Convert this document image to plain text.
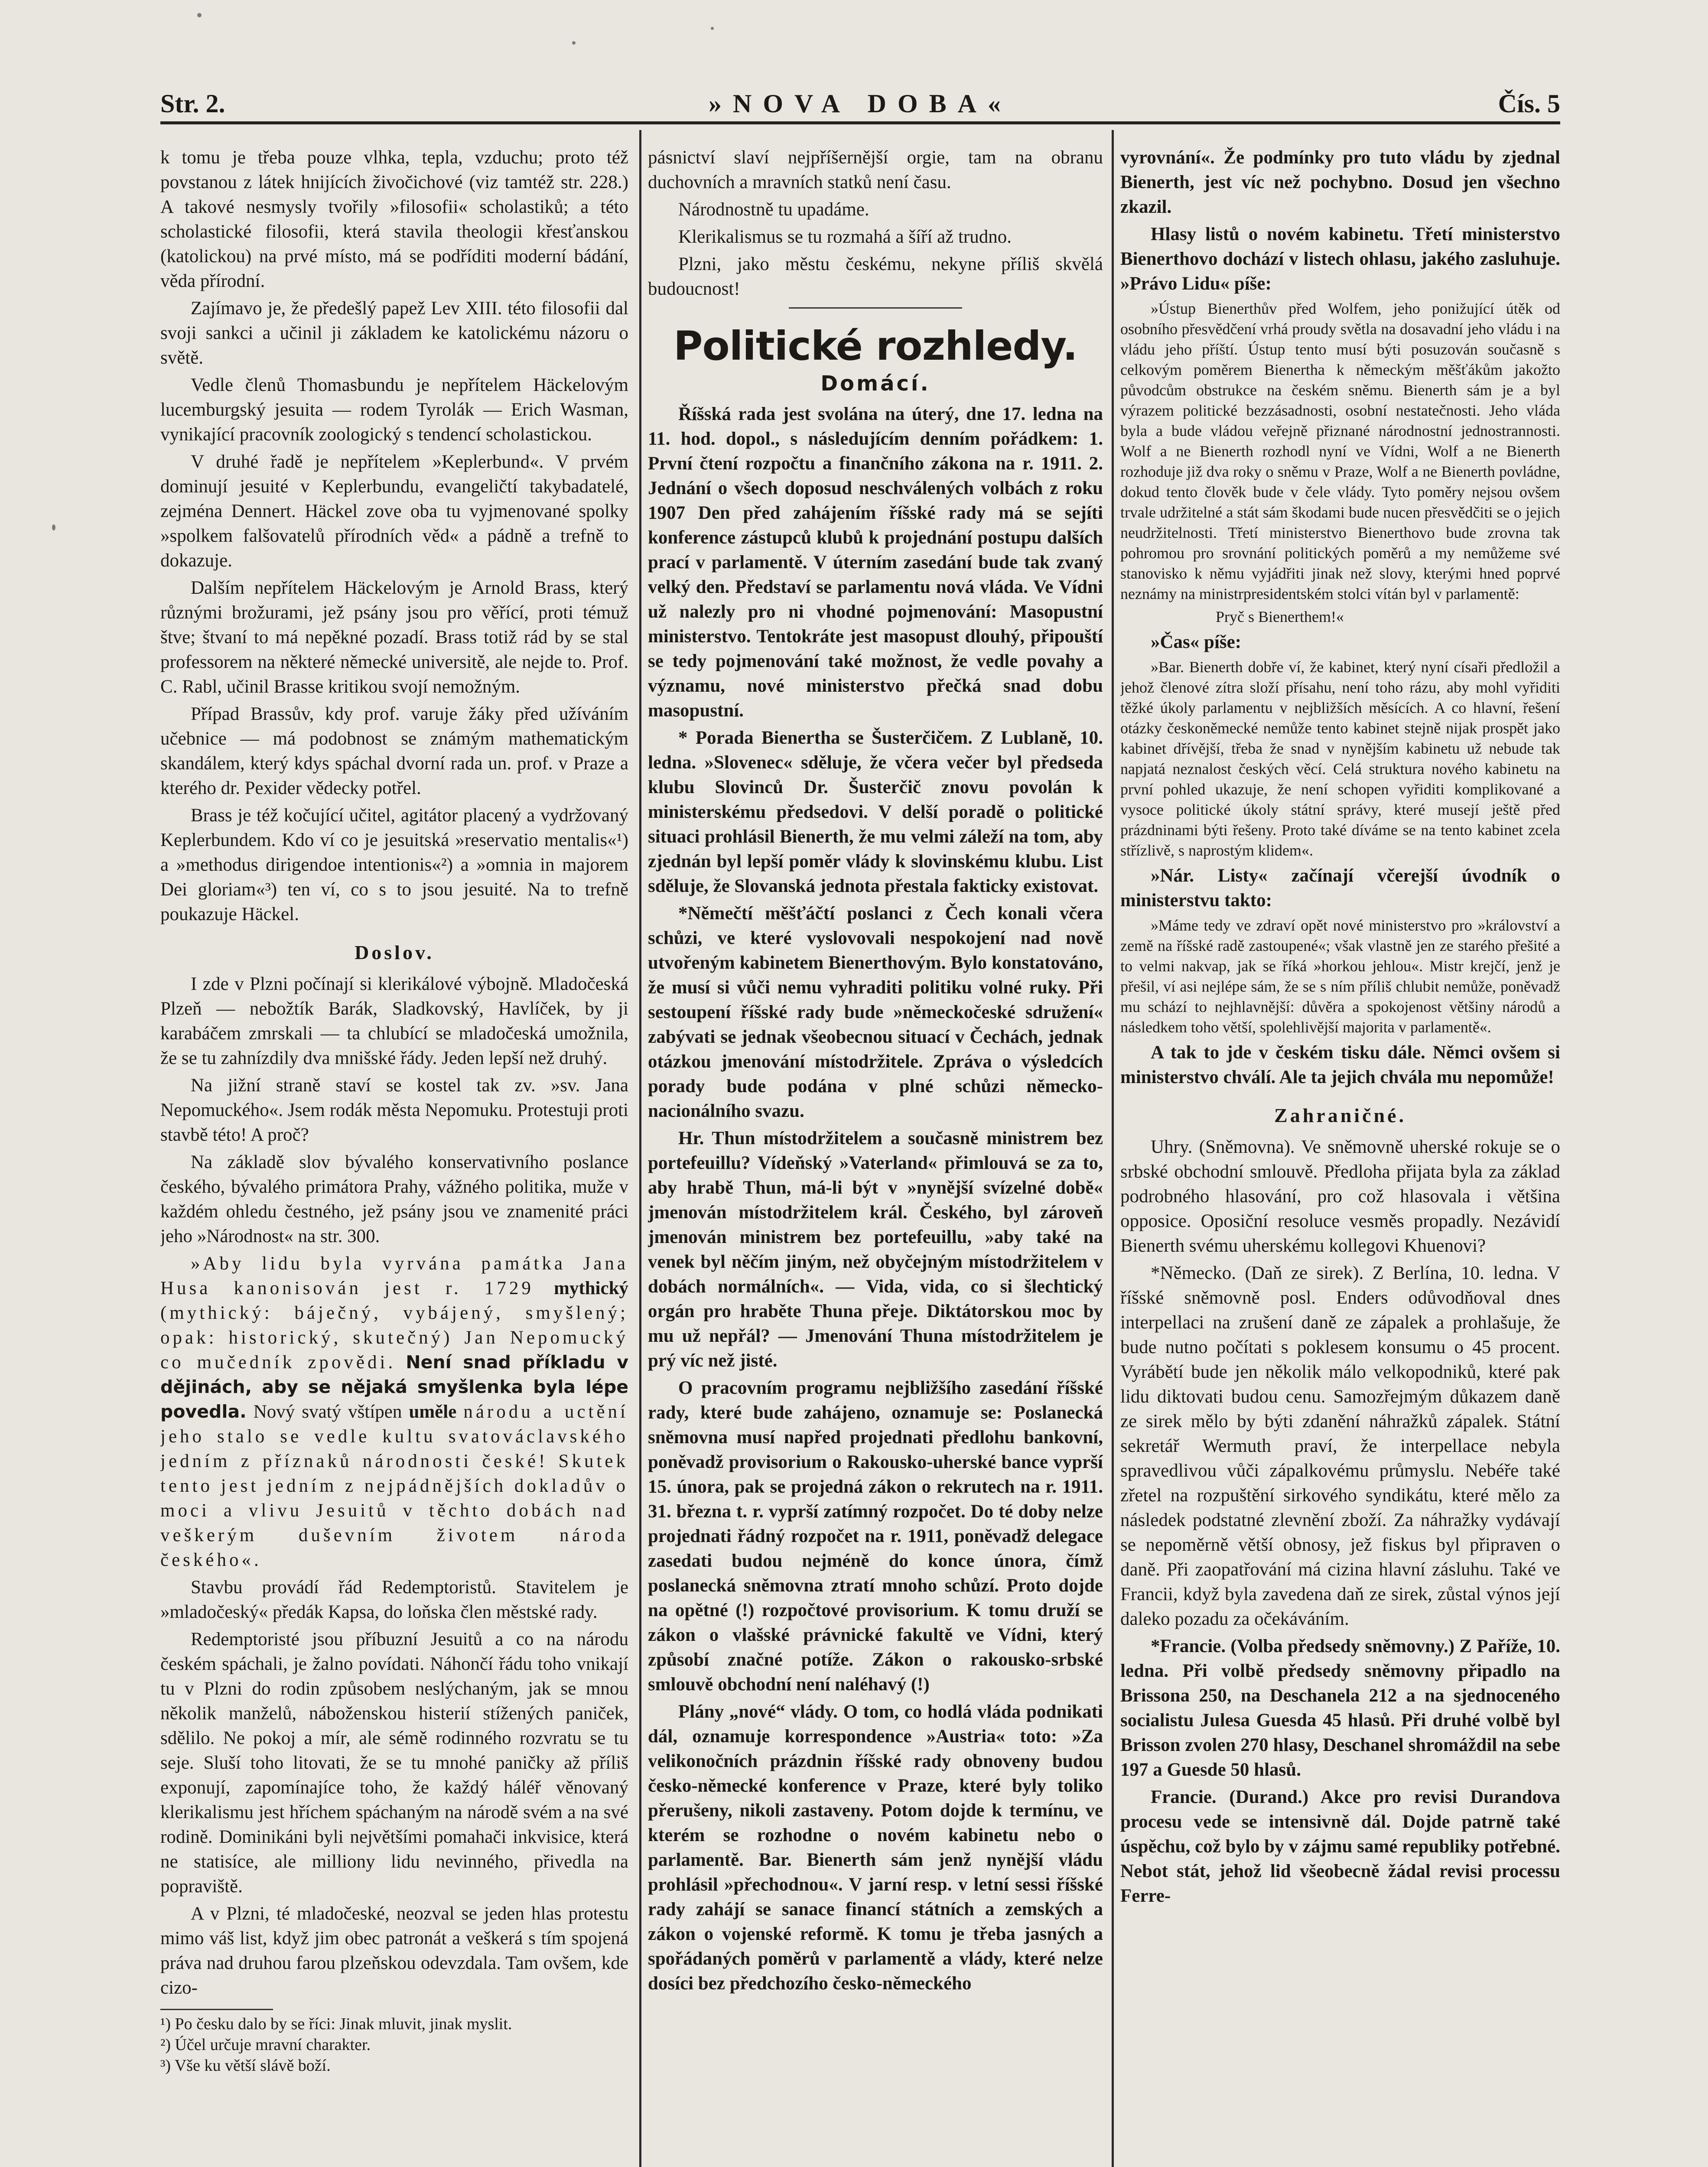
Str. 2.	»NOVA DOBA«	Čís. 5

k tomu je třeba pouze vlhka, tepla, vzduchu; proto též povstanou z látek hnijících živočichové (viz tamtéž str. 228.) A takové nesmysly tvořily »filosofii« scholastiků; a této scholastické filosofii, která stavila theologii křesťanskou (katolickou) na prvé místo, má se podříditi moderní bádání, věda přírodní.

Zajímavo je, že předešlý papež Lev XIII. této filosofii dal svoji sankci a učinil ji základem ke katolickému názoru o světě.

Vedle členů Thomasbundu je nepřítelem Häckelovým lucemburgský jesuita — rodem Tyrolák — Erich Wasman, vynikající pracovník zoologický s tendencí scholastickou.

V druhé řadě je nepřítelem »Keplerbund«. V prvém dominují jesuité v Keplerbundu, evangeličtí takybadatelé, zejména Dennert. Häckel zove oba tu vyjmenované spolky »spolkem falšovatelů přírodních věd« a pádně a trefně to dokazuje.

Dalším nepřítelem Häckelovým je Arnold Brass, který různými brožurami, jež psány jsou pro věřící, proti témuž štve; štvaní to má nepěkné pozadí. Brass totiž rád by se stal professorem na některé německé universitě, ale nejde to. Prof. C. Rabl, učinil Brasse kritikou svojí nemožným.

Případ Brassův, kdy prof. varuje žáky před užíváním učebnice — má podobnost se známým mathematickým skandálem, který kdys spáchal dvorní rada un. prof. v Praze a kterého dr. Pexider vědecky potřel.

Brass je též kočující učitel, agitátor placený a vydržovaný Keplerbundem. Kdo ví co je jesuitská »reservatio mentalis«¹) a »methodus dirigendoe intentionis«²) a »omnia in majorem Dei gloriam«³) ten ví, co s to jsou jesuité. Na to trefně poukazuje Häckel.

Doslov.

I zde v Plzni počínají si klerikálové výbojně. Mladočeská Plzeň — nebožtík Barák, Sladkovský, Havlíček, by ji karabáčem zmrskali — ta chlubící se mladočeská umožnila, že se tu zahnízdily dva mnišské řády. Jeden lepší než druhý.

Na jižní straně staví se kostel tak zv. »sv. Jana Nepomuckého«. Jsem rodák města Nepomuku. Protestuji proti stavbě této! A proč?

Na základě slov bývalého konservativního poslance českého, bývalého primátora Prahy, vážného politika, muže v každém ohledu čestného, jež psány jsou ve znamenité práci jeho »Národnost« na str. 300.

»Aby lidu byla vyrvána památka Jana Husa kanonisován jest r. 1729 mythický (mythický: báječný, vybájený, smyšlený; opak: historický, skutečný) Jan Nepomucký co mučedník zpovědi. Není snad příkladu v dějinách, aby se nějaká smyšlenka byla lépe povedla. Nový svatý vštípen uměle národu a uctění jeho stalo se vedle kultu svatováclavského jedním z příznaků národnosti české! Skutek tento jest jedním z nejpádnějších dokladův o moci a vlivu Jesuitů v těchto dobách nad veškerým duševním životem národa českého«.

Stavbu provádí řád Redemptoristů. Stavitelem je »mladočeský« předák Kapsa, do loňska člen městské rady.

Redemptoristé jsou příbuzní Jesuitů a co na národu českém spáchali, je žalno povídati. Náhončí řádu toho vnikají tu v Plzni do rodin způsobem neslýchaným, jak se mnou několik manželů, náboženskou histerií stížených paniček, sdělilo. Ne pokoj a mír, ale sémě rodinného rozvratu se tu seje. Sluší toho litovati, že se tu mnohé paničky až příliš exponují, zapomínajíce toho, že každý háléř věnovaný klerikalismu jest hříchem spáchaným na národě svém a na své rodině. Dominikáni byli největšími pomahači inkvisice, která ne statisíce, ale milliony lidu nevinného, přivedla na popraviště.

A v Plzni, té mladočeské, neozval se jeden hlas protestu mimo váš list, když jim obec patronát a veškerá s tím spojená práva nad druhou farou plzeňskou odevzdala. Tam ovšem, kde cizo-

¹) Po česku dalo by se říci: Jinak mluvit, jinak myslit.
²) Účel určuje mravní charakter.
³) Vše ku větší slávě boží.

pásnictví slaví nejpříšernější orgie, tam na obranu duchovních a mravních statků není času.

Národnostně tu upadáme.

Klerikalismus se tu rozmahá a šíří až trudno.

Plzni, jako městu českému, nekyne příliš skvělá budoucnost!

Politické rozhledy.
Domácí.

Říšská rada jest svolána na úterý, dne 17. ledna na 11. hod. dopol., s následujícím denním pořádkem: 1. První čtení rozpočtu a finančního zákona na r. 1911. 2. Jednání o všech doposud neschválených volbách z roku 1907 Den před zahájením říšské rady má se sejíti konference zástupců klubů k projednání postupu dalších prací v parlamentě. V úterním zasedání bude tak zvaný velký den. Představí se parlamentu nová vláda. Ve Vídni už nalezly pro ni vhodné pojmenování: Masopustní ministerstvo. Tentokráte jest masopust dlouhý, připouští se tedy pojmenování také možnost, že vedle povahy a významu, nové ministerstvo přečká snad dobu masopustní.

* Porada Bienertha se Šusterčičem. Z Lublaně, 10. ledna. »Slovenec« sděluje, že včera večer byl předseda klubu Slovinců Dr. Šusterčič znovu povolán k ministerskému předsedovi. V delší poradě o politické situaci prohlásil Bienerth, že mu velmi záleží na tom, aby zjednán byl lepší poměr vlády k slovinskému klubu. List sděluje, že Slovanská jednota přestala fakticky existovat.

*Němečtí měšťáčtí poslanci z Čech konali včera schůzi, ve které vyslovovali nespokojení nad nově utvořeným kabinetem Bienerthovým. Bylo konstatováno, že musí si vůči nemu vyhraditi politiku volné ruky. Při sestoupení říšské rady bude »německočeské sdružení« zabývati se jednak všeobecnou situací v Čechách, jednak otázkou jmenování místodržitele. Zpráva o výsledcích porady bude podána v plné schůzi německo-nacionálního svazu.

Hr. Thun místodržitelem a současně ministrem bez portefeuillu? Vídeňský »Vaterland« přimlouvá se za to, aby hrabě Thun, má-li být v »nynější svízelné době« jmenován místodržitelem král. Českého, byl zároveň jmenován ministrem bez portefeuillu, »aby také na venek byl něčím jiným, než obyčejným místodržitelem v dobách normálních«. — Vida, vida, co si šlechtický orgán pro hraběte Thuna přeje. Diktátorskou moc by mu už nepřál? — Jmenování Thuna místodržitelem je prý víc než jisté.

O pracovním programu nejbližšího zasedání říšské rady, které bude zahájeno, oznamuje se: Poslanecká sněmovna musí napřed projednati předlohu bankovní, poněvadž provisorium o Rakousko-uherské bance vyprší 15. února, pak se projedná zákon o rekrutech na r. 1911. 31. března t. r. vyprší zatímný rozpočet. Do té doby nelze projednati řádný rozpočet na r. 1911, poněvadž delegace zasedati budou nejméně do konce února, čímž poslanecká sněmovna ztratí mnoho schůzí. Proto dojde na opětné (!) rozpočtové provisorium. K tomu druží se zákon o vlašské právnické fakultě ve Vídni, který způsobí značné potíže. Zákon o rakousko-srbské smlouvě obchodní není naléhavý (!)

Plány „nové“ vlády. O tom, co hodlá vláda podnikati dál, oznamuje korrespondence »Austria« toto: »Za velikonočních prázdnin říšské rady obnoveny budou česko-německé konference v Praze, které byly toliko přerušeny, nikoli zastaveny. Potom dojde k termínu, ve kterém se rozhodne o novém kabinetu nebo o parlamentě. Bar. Bienerth sám jenž nynější vládu prohlásil »přechodnou«. V jarní resp. v letní sessi říšské rady zahájí se sanace financí státních a zemských a zákon o vojenské reformě. K tomu je třeba jasných a spořádaných poměrů v parlamentě a vlády, které nelze dosíci bez předchozího česko-německého

vyrovnání«. Že podmínky pro tuto vládu by zjednal Bienerth, jest víc než pochybno. Dosud jen všechno zkazil.

Hlasy listů o novém kabinetu. Třetí ministerstvo Bienerthovo dochází v listech ohlasu, jakého zasluhuje. »Právo Lidu« píše:

»Ústup Bienerthův před Wolfem, jeho ponižující útěk od osobního přesvědčení vrhá proudy světla na dosavadní jeho vládu i na vládu jeho příští. Ústup tento musí býti posuzován současně s celkovým poměrem Bienertha k německým měšťákům jakožto původcům obstrukce na českém sněmu. Bienerth sám je a byl výrazem politické bezzásadnosti, osobní nestatečnosti. Jeho vláda byla a bude vládou veřejně přiznané národnostní jednostrannosti. Wolf a ne Bienerth rozhodl nyní ve Vídni, Wolf a ne Bienerth rozhoduje již dva roky o sněmu v Praze, Wolf a ne Bienerth povládne, dokud tento člověk bude v čele vlády. Tyto poměry nejsou ovšem trvale udržitelné a stát sám škodami bude nucen přesvědčiti se o jejich neudržitelnosti. Třetí ministerstvo Bienerthovo bude zrovna tak pohromou pro srovnání politických poměrů a my nemůžeme své stanovisko k němu vyjádřiti jinak než slovy, kterými hned poprvé neznámy na ministrpresidentském stolci vítán byl v parlamentě:

Pryč s Bienerthem!«

»Čas« píše:

»Bar. Bienerth dobře ví, že kabinet, který nyní císaři předložil a jehož členové zítra složí přísahu, není toho rázu, aby mohl vyřiditi těžké úkoly parlamentu v nejbližších měsících. A co hlavní, řešení otázky českoněmecké nemůže tento kabinet stejně nijak prospět jako kabinet dřívější, třeba že snad v nynějším kabinetu už nebude tak napjatá neznalost českých věcí. Celá struktura nového kabinetu na první pohled ukazuje, že není schopen vyřiditi komplikované a vysoce politické úkoly státní správy, které musejí ještě před prázdninami býti řešeny. Proto také díváme se na tento kabinet zcela střízlivě, s naprostým klidem«.

»Nár. Listy« začínají včerejší úvodník o ministerstvu takto:

»Máme tedy ve zdraví opět nové ministerstvo pro »království a země na říšské radě zastoupené«; však vlastně jen ze starého přešité a to velmi nakvap, jak se říká »horkou jehlou«. Mistr krejčí, jenž je přešil, ví asi nejlépe sám, že se s ním příliš chlubit nemůže, poněvadž mu schází to nejhlavnější: důvěra a spokojenost většiny národů a následkem toho větší, spolehlivější majorita v parlamentě«.

A tak to jde v českém tisku dále. Němci ovšem si ministerstvo chválí. Ale ta jejich chvála mu nepomůže!

Zahraničné.

Uhry. (Sněmovna). Ve sněmovně uherské rokuje se o srbské obchodní smlouvě. Předloha přijata byla za základ podrobného hlasování, pro což hlasovala i většina opposice. Oposiční resoluce vesměs propadly. Nezávidí Bienerth svému uherskému kollegovi Khuenovi?

*Německo. (Daň ze sirek). Z Berlína, 10. ledna. V říšské sněmovně posl. Enders odůvodňoval dnes interpellaci na zrušení daně ze zápalek a prohlašuje, že bude nutno počítati s poklesem konsumu o 45 procent. Vyrábětí bude jen několik málo velkopodniků, které pak lidu diktovati budou cenu. Samozřejmým důkazem daně ze sirek mělo by býti zdanění náhražků zápalek. Státní sekretář Wermuth praví, že interpellace nebyla spravedlivou vůči zápalkovému průmyslu. Nebéře také zřetel na rozpuštění sirkového syndikátu, které mělo za následek podstatné zlevnění zboží. Za náhražky vydávají se nepoměrně větší obnosy, jež fiskus byl připraven o daně. Při zaopatřování má cizina hlavní zásluhu. Také ve Francii, když byla zavedena daň ze sirek, zůstal výnos její daleko pozadu za očekáváním.

*Francie. (Volba předsedy sněmovny.) Z Paříže, 10. ledna. Při volbě předsedy sněmovny připadlo na Brissona 250, na Deschanela 212 a na sjednoceného socialistu Julesa Guesda 45 hlasů. Při druhé volbě byl Brisson zvolen 270 hlasy, Deschanel shromáždil na sebe 197 a Guesde 50 hlasů.

Francie. (Durand.) Akce pro revisi Durandova procesu vede se intensivně dál. Dojde patrně také úspěchu, což bylo by v zájmu samé republiky potřebné. Nebot stát, jehož lid všeobecně žádal revisi processu Ferre-
